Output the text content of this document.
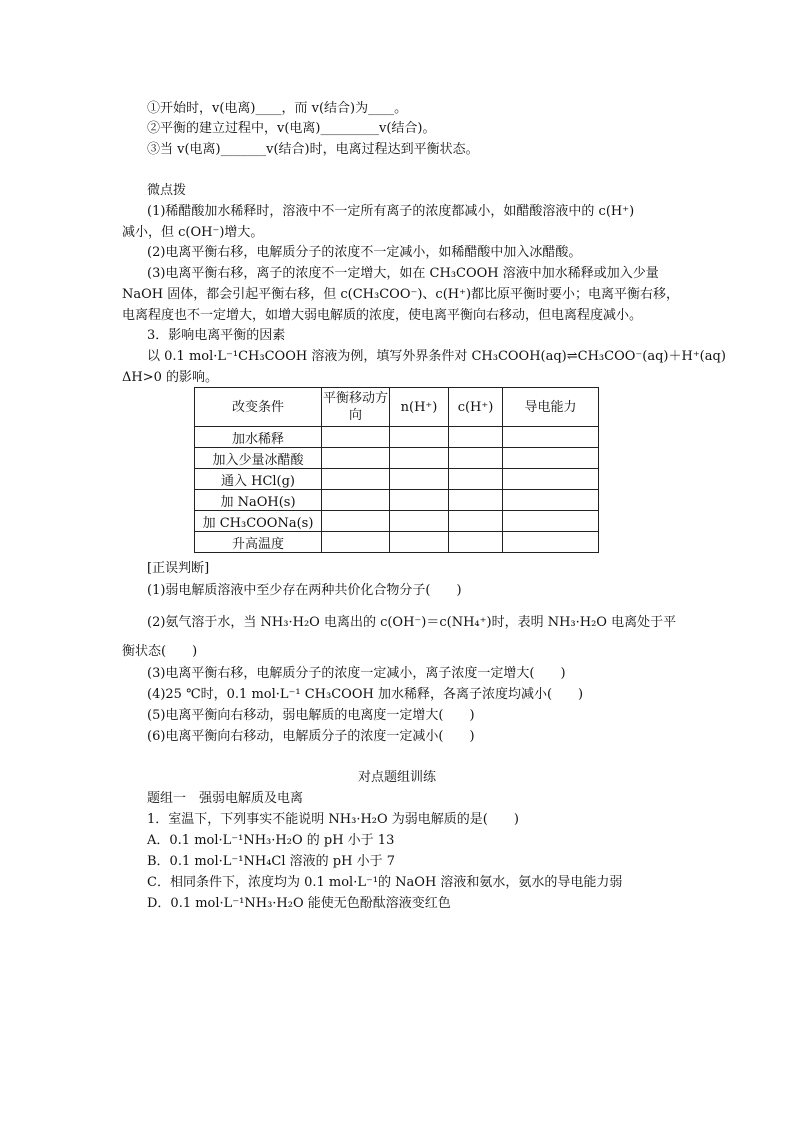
①开始时，v(电离)____，而 v(结合)为____。
②平衡的建立过程中，v(电离)_________v(结合)。
③当 v(电离)_______v(结合)时，电离过程达到平衡状态。
微点拨
(1)稀醋酸加水稀释时，溶液中不一定所有离子的浓度都减小，如醋酸溶液中的 c(H⁺)
减小，但 c(OH⁻)增大。
(2)电离平衡右移，电解质分子的浓度不一定减小，如稀醋酸中加入冰醋酸。
(3)电离平衡右移，离子的浓度不一定增大，如在 CH₃COOH 溶液中加水稀释或加入少量
NaOH 固体，都会引起平衡右移，但 c(CH₃COO⁻)、c(H⁺)都比原平衡时要小；电离平衡右移，
电离程度也不一定增大，如增大弱电解质的浓度，使电离平衡向右移动，但电离程度减小。
3．影响电离平衡的因素
以 0.1 mol·L⁻¹CH₃COOH 溶液为例，填写外界条件对 CH₃COOH(aq)⇌CH₃COO⁻(aq)＋H⁺(aq)
ΔH>0 的影响。
改变条件	平衡移动方向	n(H⁺)	c(H⁺)	导电能力
加水稀释				
加入少量冰醋酸				
通入 HCl(g)				
加 NaOH(s)				
加 CH₃COONa(s)				
升高温度				
[正误判断]
(1)弱电解质溶液中至少存在两种共价化合物分子(　　)
(2)氨气溶于水，当 NH₃·H₂O 电离出的 c(OH⁻)＝c(NH₄⁺)时，表明 NH₃·H₂O 电离处于平
衡状态(　　)
(3)电离平衡右移，电解质分子的浓度一定减小，离子浓度一定增大(　　)
(4)25 ℃时，0.1 mol·L⁻¹ CH₃COOH 加水稀释，各离子浓度均减小(　　)
(5)电离平衡向右移动，弱电解质的电离度一定增大(　　)
(6)电离平衡向右移动，电解质分子的浓度一定减小(　　)
对点题组训练
题组一　强弱电解质及电离
1．室温下，下列事实不能说明 NH₃·H₂O 为弱电解质的是(　　)
A．0.1 mol·L⁻¹NH₃·H₂O 的 pH 小于 13
B．0.1 mol·L⁻¹NH₄Cl 溶液的 pH 小于 7
C．相同条件下，浓度均为 0.1 mol·L⁻¹的 NaOH 溶液和氨水，氨水的导电能力弱
D．0.1 mol·L⁻¹NH₃·H₂O 能使无色酚酞溶液变红色
